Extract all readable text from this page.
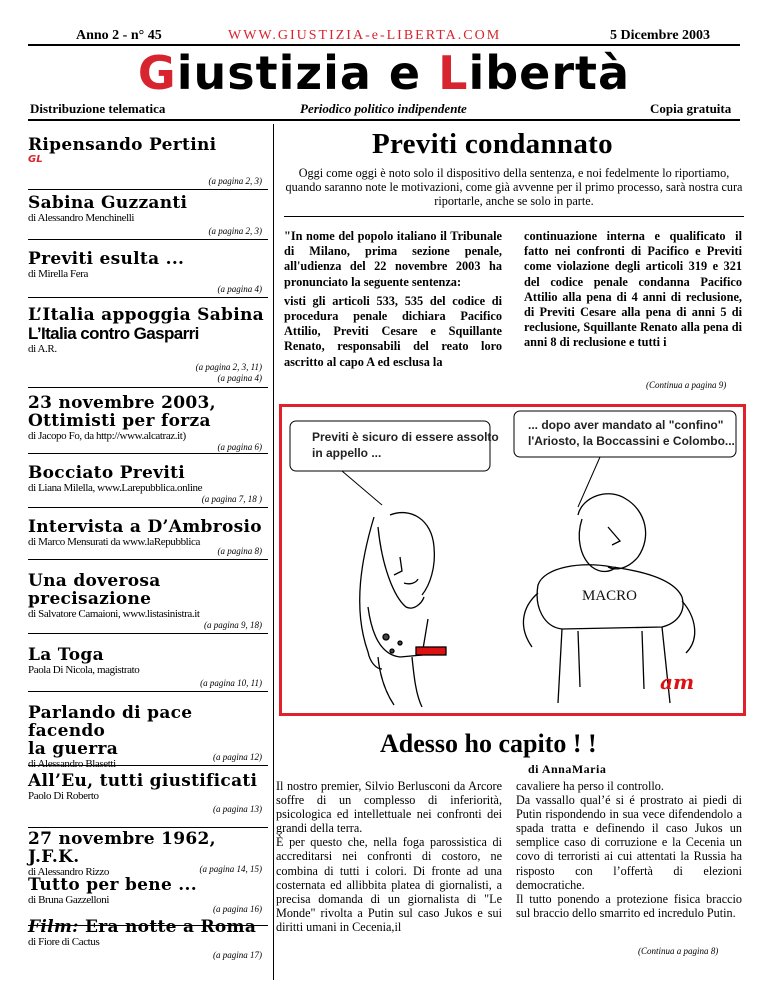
Anno 2 - n° 45	WWW.GIUSTIZIA-e-LIBERTA.COM	5 Dicembre 2003
Giustizia e Libertà
Distribuzione telematica	Periodico politico indipendente	Copia gratuita
Ripensando Pertini
GL
(a pagina 2, 3)
Sabina Guzzanti
di Alessandro Menchinelli
(a pagina 2, 3)
Previti esulta ...
di Mirella Fera
(a pagina 4)
L’Italia appoggia Sabina
L’Italia contro Gasparri
di A.R.
(a pagina 2, 3, 11)
(a pagina 4)
23 novembre 2003,
Ottimisti per forza
di Jacopo Fo, da http://www.alcatraz.it)
(a pagina 6)
Bocciato Previti
di Liana Milella, www.Larepubblica.online
(a pagina 7, 18 )
Intervista a D’Ambrosio
di Marco Mensurati da www.laRepubblica
(a pagina 8)
Una doverosa
precisazione
di Salvatore Camaioni, www.listasinistra.it
(a pagina 9, 18)
La Toga
Paola Di Nicola, magistrato
(a pagina 10, 11)
Parlando di pace facendo
la guerra
di Alessandro Blasetti
(a pagina 12)
All’Eu, tutti giustificati
Paolo Di Roberto
(a pagina 13)
27 novembre 1962, J.F.K.
di Alessandro Rizzo	(a pagina 14, 15)
Tutto per bene ...
di Bruna Gazzelloni
(a pagina 16)
Film: Era notte a Roma
di Fiore di Cactus
(a pagina 17)
Previti condannato
Oggi come oggi è noto solo il dispositivo della sentenza, e noi fedelmente lo riportiamo, quando saranno note le motivazioni, come già avvenne per il primo processo, sarà nostra cura riportarle, anche se solo in parte.

"In nome del popolo italiano il Tribunale di Milano, prima sezione penale, all'udienza del 22 novembre 2003 ha pronunciato la seguente sentenza:

visti gli articoli 533, 535 del codice di procedura penale dichiara Pacifico Attilio, Previti Cesare e Squillante Renato, responsabili del reato loro ascritto al capo A ed esclusa la

continuazione interna e qualificato il fatto nei confronti di Pacifico e Previti come violazione degli articoli 319 e 321 del codice penale condanna Pacifico Attilio alla pena di 4 anni di reclusione, di Previti Cesare alla pena di anni 5 di reclusione, Squillante Renato alla pena di anni 8 di reclusione e tutti i

(Continua a pagina 9)
Previti è sicuro di essere assolto in appello ...
... dopo aver mandato al "confino" l'Ariosto, la Boccassini e Colombo...
MACRO
am
Adesso ho capito ! !
di AnnaMaria
Il nostro premier, Silvio Berlusconi da Arcore soffre di un complesso di inferiorità, psicologica ed intellettuale nei confronti dei grandi della terra.
È per questo che, nella foga parossistica di accreditarsi nei confronti di costoro, ne combina di tutti i colori. Di fronte ad una costernata ed allibbita platea di giornalisti, a precisa domanda di un giornalista di "Le Monde" rivolta a Putin sul caso Jukos e sui diritti umani in Cecenia,il
cavaliere ha perso il controllo.
Da vassallo qual’é si é prostrato ai piedi di Putin rispondendo in sua vece difendendolo a spada tratta e definendo il caso Jukos un semplice caso di corruzione e la Cecenia un covo di terroristi ai cui attentati la Russia ha risposto con l’offertà di elezioni democratiche.
Il tutto ponendo a protezione fisica braccio sul braccio dello smarrito ed incredulo Putin.
(Continua a pagina 8)
